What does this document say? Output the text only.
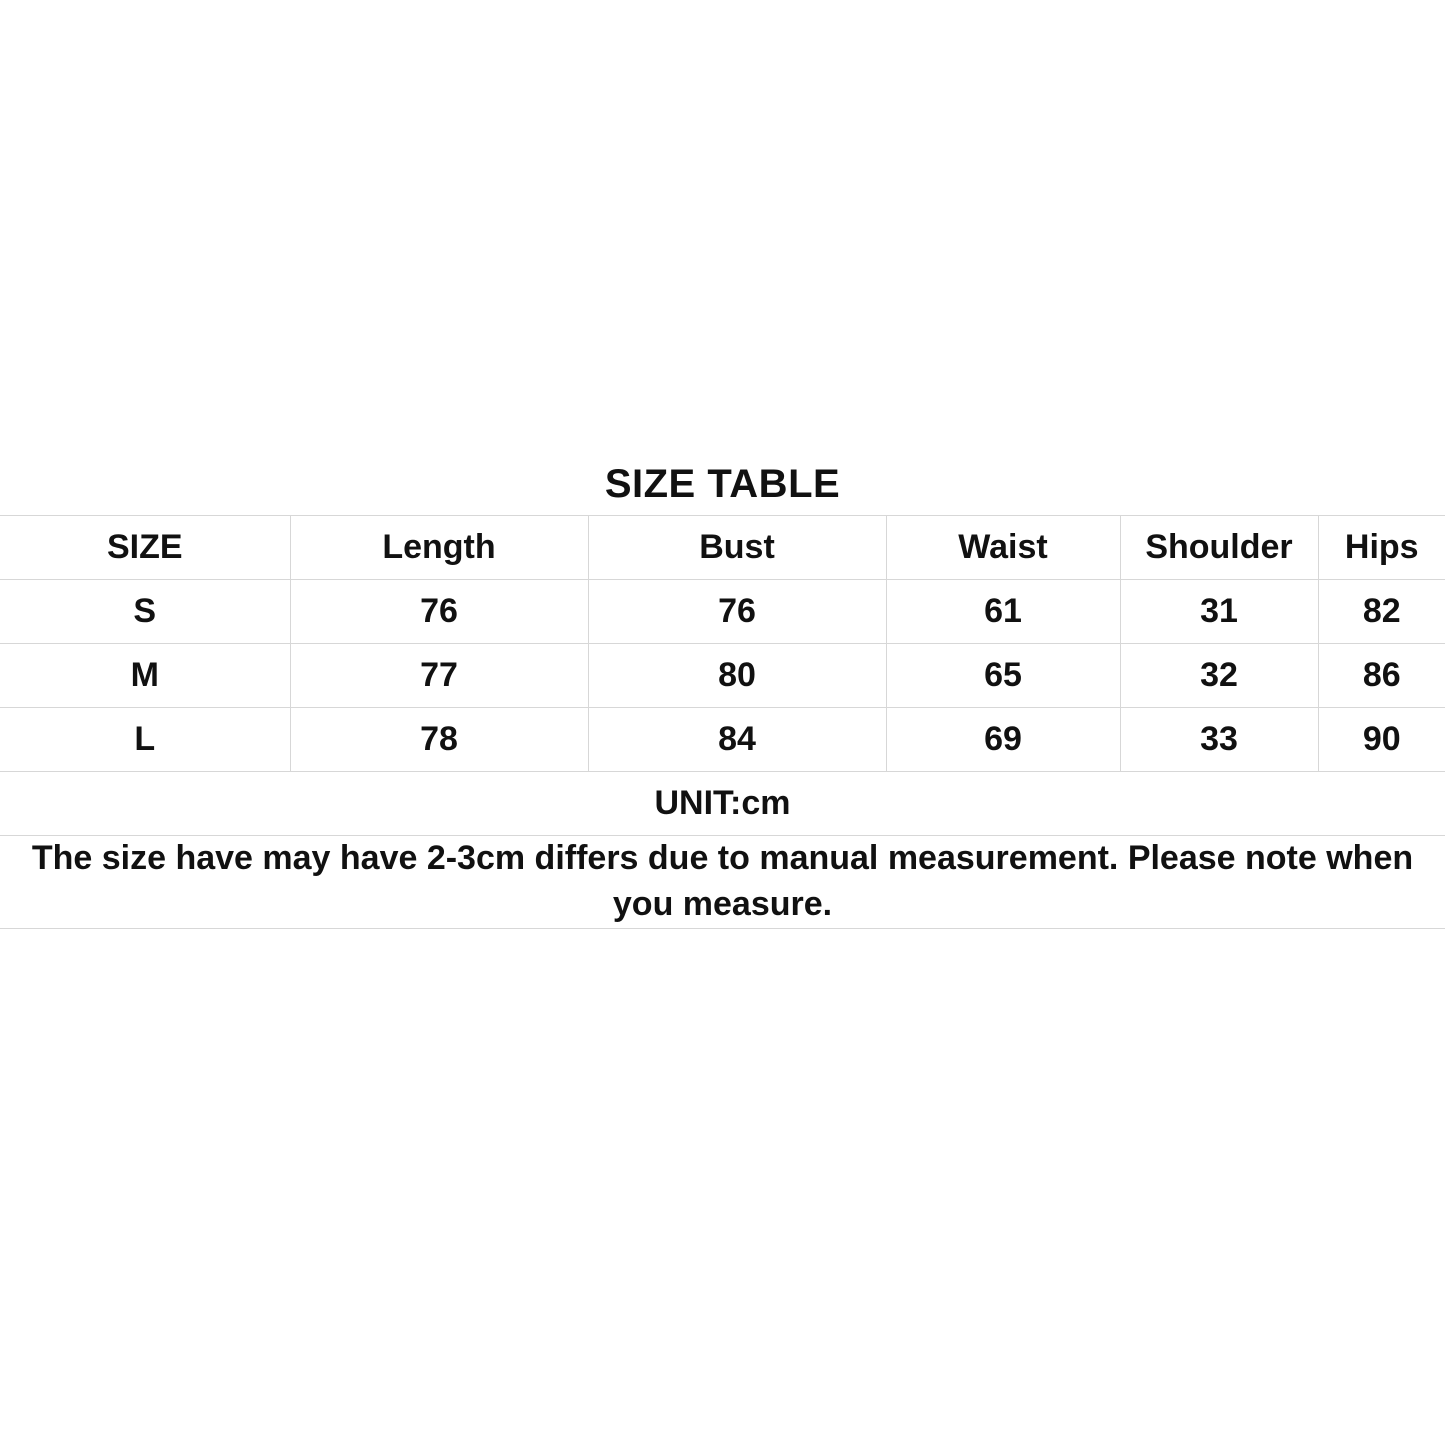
SIZE TABLE
SIZE	Length	Bust	Waist	Shoulder	Hips
S	76	76	61	31	82
M	77	80	65	32	86
L	78	84	69	33	90
UNIT:cm					
The size have may have 2-3cm differs due to manual measurement. Please note when you measure.					
